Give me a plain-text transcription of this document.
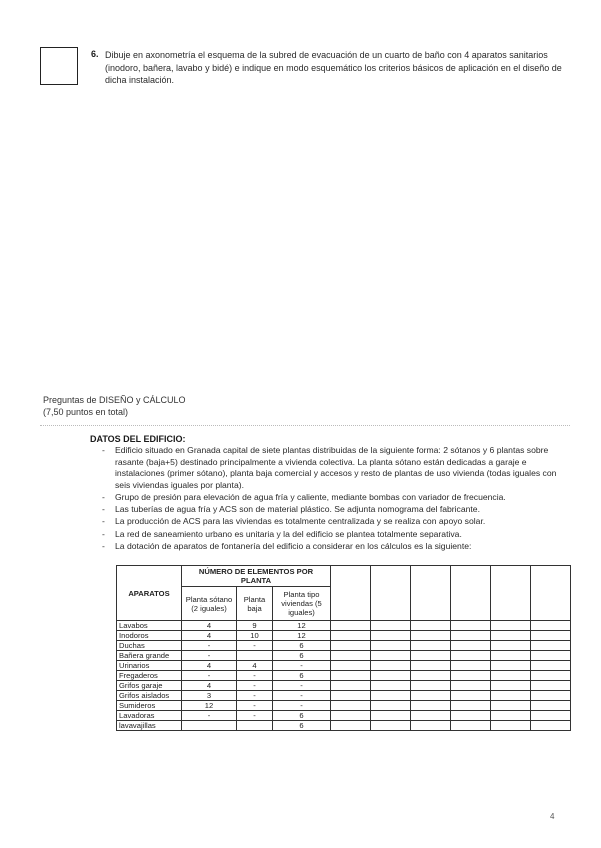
6. Dibuje en axonometría el esquema de la subred de evacuación de un cuarto de baño con 4 aparatos sanitarios (inodoro, bañera, lavabo y bidé) e indique en modo esquemático los criterios básicos de aplicación en el diseño de dicha instalación.
Preguntas de DISEÑO y CÁLCULO
(7,50 puntos en total)
DATOS DEL EDIFICIO:
- Edificio situado en Granada capital de siete plantas distribuidas de la siguiente forma: 2 sótanos y 6 plantas sobre rasante (baja+5) destinado principalmente a vivienda colectiva. La planta sótano están dedicadas a garaje e instalaciones (primer sótano), planta baja comercial y accesos y resto de plantas de uso vivienda (todas iguales con seis viviendas iguales por planta).
- Grupo de presión para elevación de agua fría y caliente, mediante bombas con variador de frecuencia.
- Las tuberías de agua fría y ACS son de material plástico. Se adjunta nomograma del fabricante.
- La producción de ACS para las viviendas es totalmente centralizada y se realiza con apoyo solar.
- La red de saneamiento urbano es unitaria y la del edificio se plantea totalmente separativa.
- La dotación de aparatos de fontanería del edificio a considerar en los cálculos es la siguiente:
APARATOS	NÚMERO DE ELEMENTOS POR PLANTA								
	Planta sótano (2 iguales)	Planta baja	Planta tipo viviendas (5 iguales)						
Lavabos	4	9	12						
Inodoros	4	10	12						
Duchas	-	-	6						
Bañera grande	-		6						
Urinarios	4	4	-						
Fregaderos	-	-	6						
Grifos garaje	4	-	-						
Grifos aislados	3	-	-						
Sumideros	12	-	-						
Lavadoras	-	-	6						
lavavajillas			6						
4
